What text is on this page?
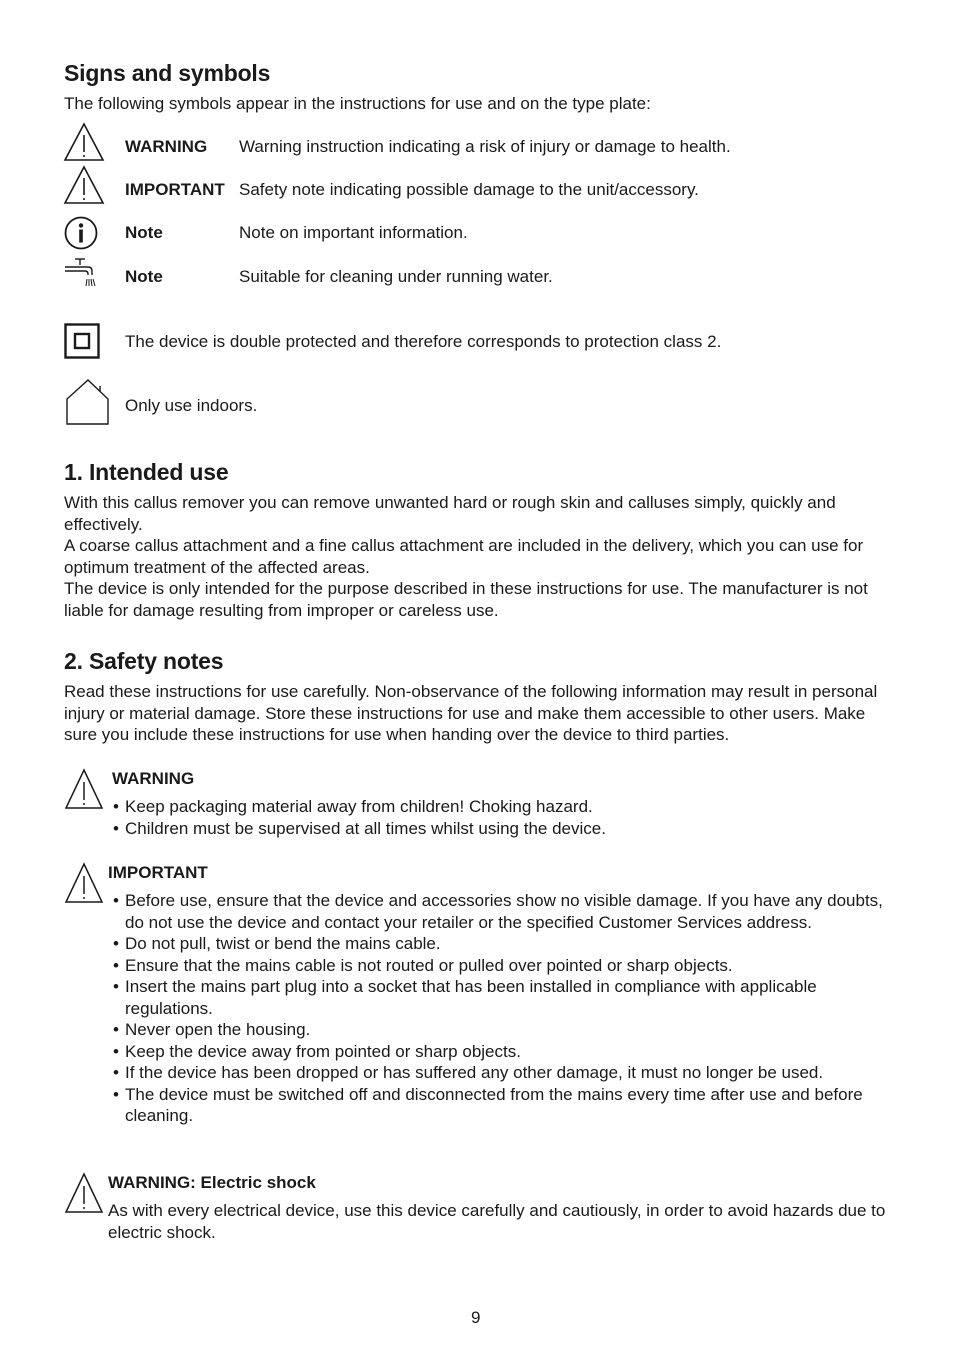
Signs and symbols
The following symbols appear in the instructions for use and on the type plate:
WARNING Warning instruction indicating a risk of injury or damage to health.
IMPORTANT Safety note indicating possible damage to the unit/accessory.
Note	Note on important information.
Note	Suitable for cleaning under running water.
The device is double protected and therefore corresponds to protection class 2.
Only use indoors.
1. Intended use
With this callus remover you can remove unwanted hard or rough skin and calluses simply, quickly and effectively.
A coarse callus attachment and a fine callus attachment are included in the delivery, which you can use for optimum treatment of the affected areas.
The device is only intended for the purpose described in these instructions for use. The manufacturer is not liable for damage resulting from improper or careless use.
2. Safety notes
Read these instructions for use carefully. Non-observance of the following information may result in personal injury or material damage. Store these instructions for use and make them accessible to other users. Make sure you include these instructions for use when handing over the device to third parties.
WARNING
• Keep packaging material away from children! Choking hazard.
• Children must be supervised at all times whilst using the device.
IMPORTANT
• Before use, ensure that the device and accessories show no visible damage. If you have any doubts, do not use the device and contact your retailer or the specified Customer Services address.
• Do not pull, twist or bend the mains cable.
• Ensure that the mains cable is not routed or pulled over pointed or sharp objects.
• Insert the mains part plug into a socket that has been installed in compliance with applicable regulations.
• Never open the housing.
• Keep the device away from pointed or sharp objects.
• If the device has been dropped or has suffered any other damage, it must no longer be used.
• The device must be switched off and disconnected from the mains every time after use and before cleaning.
WARNING: Electric shock
As with every electrical device, use this device carefully and cautiously, in order to avoid hazards due to electric shock.
9
